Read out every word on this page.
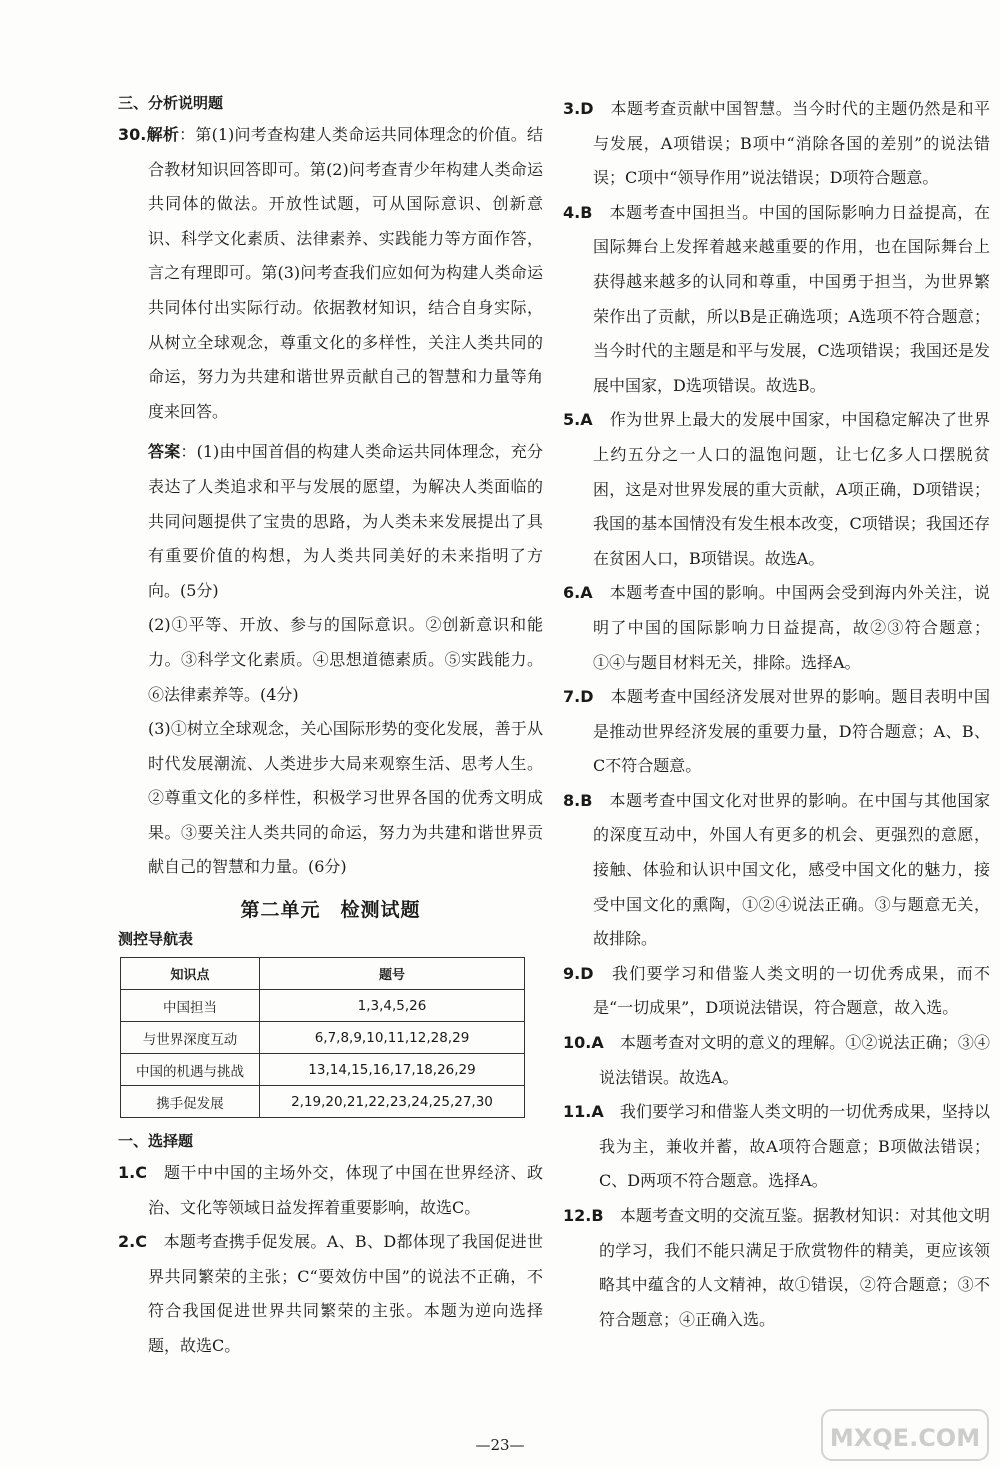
三、分析说明题

30.解析：第(1)问考查构建人类命运共同体理念的价值。结合教材知识回答即可。第(2)问考查青少年构建人类命运共同体的做法。开放性试题，可从国际意识、创新意识、科学文化素质、法律素养、实践能力等方面作答，言之有理即可。第(3)问考查我们应如何为构建人类命运共同体付出实际行动。依据教材知识，结合自身实际，从树立全球观念，尊重文化的多样性，关注人类共同的命运，努力为共建和谐世界贡献自己的智慧和力量等角度来回答。
答案：(1)由中国首倡的构建人类命运共同体理念，充分表达了人类追求和平与发展的愿望，为解决人类面临的共同问题提供了宝贵的思路，为人类未来发展提出了具有重要价值的构想，为人类共同美好的未来指明了方向。(5分)
(2)①平等、开放、参与的国际意识。②创新意识和能力。③科学文化素质。④思想道德素质。⑤实践能力。⑥法律素养等。(4分)
(3)①树立全球观念，关心国际形势的变化发展，善于从时代发展潮流、人类进步大局来观察生活、思考人生。②尊重文化的多样性，积极学习世界各国的优秀文明成果。③要关注人类共同的命运，努力为共建和谐世界贡献自己的智慧和力量。(6分)
第二单元　检测试题
测控导航表
知识点	题号
中国担当	1,3,4,5,26
与世界深度互动	6,7,8,9,10,11,12,28,29
中国的机遇与挑战	13,14,15,16,17,18,26,29
携手促发展	2,19,20,21,22,23,24,25,27,30

一、选择题

1.C　题干中中国的主场外交，体现了中国在世界经济、政治、文化等领域日益发挥着重要影响，故选C。
2.C　本题考查携手促发展。A、B、D都体现了我国促进世界共同繁荣的主张；C“要效仿中国”的说法不正确，不符合我国促进世界共同繁荣的主张。本题为逆向选择题，故选C。
3.D　本题考查贡献中国智慧。当今时代的主题仍然是和平与发展，A项错误；B项中“消除各国的差别”的说法错误；C项中“领导作用”说法错误；D项符合题意。
4.B　本题考查中国担当。中国的国际影响力日益提高，在国际舞台上发挥着越来越重要的作用，也在国际舞台上获得越来越多的认同和尊重，中国勇于担当，为世界繁荣作出了贡献，所以B是正确选项；A选项不符合题意；当今时代的主题是和平与发展，C选项错误；我国还是发展中国家，D选项错误。故选B。
5.A　作为世界上最大的发展中国家，中国稳定解决了世界上约五分之一人口的温饱问题，让七亿多人口摆脱贫困，这是对世界发展的重大贡献，A项正确，D项错误；我国的基本国情没有发生根本改变，C项错误；我国还存在贫困人口，B项错误。故选A。
6.A　本题考查中国的影响。中国两会受到海内外关注，说明了中国的国际影响力日益提高，故②③符合题意；①④与题目材料无关，排除。选择A。
7.D　本题考查中国经济发展对世界的影响。题目表明中国是推动世界经济发展的重要力量，D符合题意；A、B、C不符合题意。
8.B　本题考查中国文化对世界的影响。在中国与其他国家的深度互动中，外国人有更多的机会、更强烈的意愿，接触、体验和认识中国文化，感受中国文化的魅力，接受中国文化的熏陶，①②④说法正确。③与题意无关，故排除。
9.D　我们要学习和借鉴人类文明的一切优秀成果，而不是“一切成果”，D项说法错误，符合题意，故入选。
10.A　本题考查对文明的意义的理解。①②说法正确；③④说法错误。故选A。
11.A　我们要学习和借鉴人类文明的一切优秀成果，坚持以我为主，兼收并蓄，故A项符合题意；B项做法错误；C、D两项不符合题意。选择A。
12.B　本题考查文明的交流互鉴。据教材知识：对其他文明的学习，我们不能只满足于欣赏物件的精美，更应该领略其中蕴含的人文精神，故①错误，②符合题意；③不符合题意；④正确入选。
—23—	MXQE.COM
